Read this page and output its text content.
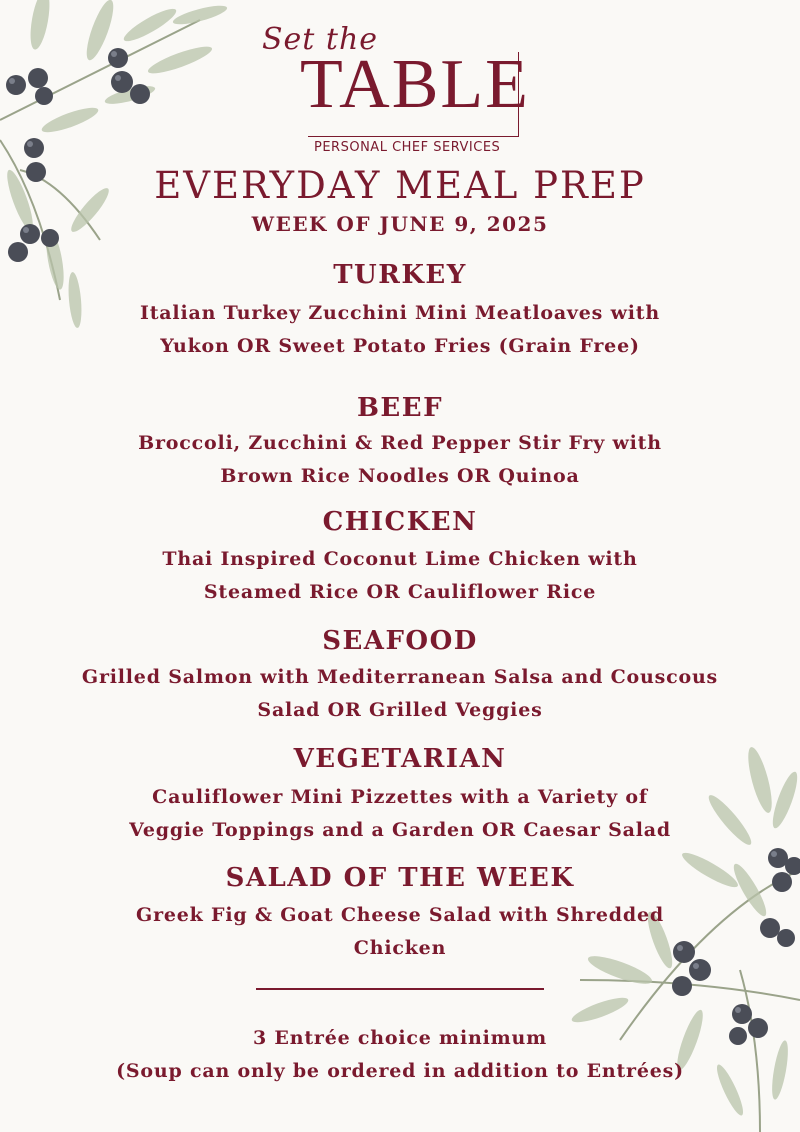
Set the
TABLE
PERSONAL CHEF SERVICES
EVERYDAY MEAL PREP
WEEK OF JUNE 9, 2025
TURKEY
Italian Turkey Zucchini Mini Meatloaves with
Yukon OR Sweet Potato Fries (Grain Free)
BEEF
Broccoli, Zucchini & Red Pepper Stir Fry with
Brown Rice Noodles OR Quinoa
CHICKEN
Thai Inspired Coconut Lime Chicken with
Steamed Rice OR Cauliflower Rice
SEAFOOD
Grilled Salmon with Mediterranean Salsa and Couscous
Salad OR Grilled Veggies
VEGETARIAN
Cauliflower Mini Pizzettes with a Variety of
Veggie Toppings and a Garden OR Caesar Salad
SALAD OF THE WEEK
Greek Fig & Goat Cheese Salad with Shredded
Chicken
3 Entrée choice minimum
(Soup can only be ordered in addition to Entrées)
